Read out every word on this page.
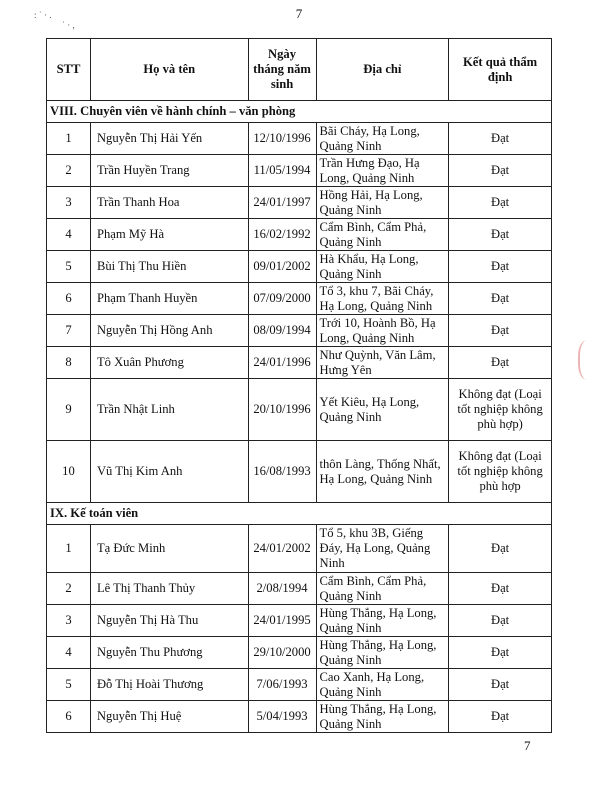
7
: ˙ · .
˙ · ,
STT	Họ và tên	Ngày tháng năm sinh	Địa chỉ	Kết quả thẩm định
VIII. Chuyên viên về hành chính – văn phòng				
1	Nguyễn Thị Hải Yến	12/10/1996	Bãi Cháy, Hạ Long, Quảng Ninh	Đạt
2	Trần Huyền Trang	11/05/1994	Trần Hưng Đạo, Hạ Long, Quảng Ninh	Đạt
3	Trần Thanh Hoa	24/01/1997	Hồng Hải, Hạ Long, Quảng Ninh	Đạt
4	Phạm Mỹ Hà	16/02/1992	Cẩm Bình, Cẩm Phả, Quảng Ninh	Đạt
5	Bùi Thị Thu Hiền	09/01/2002	Hà Khẩu, Hạ Long, Quảng Ninh	Đạt
6	Phạm Thanh Huyền	07/09/2000	Tổ 3, khu 7, Bãi Cháy, Hạ Long, Quảng Ninh	Đạt
7	Nguyễn Thị Hồng Anh	08/09/1994	Trới 10, Hoành Bồ, Hạ Long, Quảng Ninh	Đạt
8	Tô Xuân Phương	24/01/1996	Như Quỳnh, Văn Lâm, Hưng Yên	Đạt
9	Trần Nhật Linh	20/10/1996	Yết Kiêu, Hạ Long, Quảng Ninh	Không đạt (Loại tốt nghiệp không phù hợp)
10	Vũ Thị Kim Anh	16/08/1993	thôn Làng, Thống Nhất, Hạ Long, Quảng Ninh	Không đạt (Loại tốt nghiệp không phù hợp
IX. Kế toán viên				
1	Tạ Đức Minh	24/01/2002	Tổ 5, khu 3B, Giếng Đáy, Hạ Long, Quảng Ninh	Đạt
2	Lê Thị Thanh Thủy	2/08/1994	Cẩm Bình, Cẩm Phả, Quảng Ninh	Đạt
3	Nguyễn Thị Hà Thu	24/01/1995	Hùng Thắng, Hạ Long, Quảng Ninh	Đạt
4	Nguyễn Thu Phương	29/10/2000	Hùng Thắng, Hạ Long, Quảng Ninh	Đạt
5	Đỗ Thị Hoài Thương	7/06/1993	Cao Xanh, Hạ Long, Quảng Ninh	Đạt
6	Nguyễn Thị Huệ	5/04/1993	Hùng Thắng, Hạ Long, Quảng Ninh	Đạt
7
